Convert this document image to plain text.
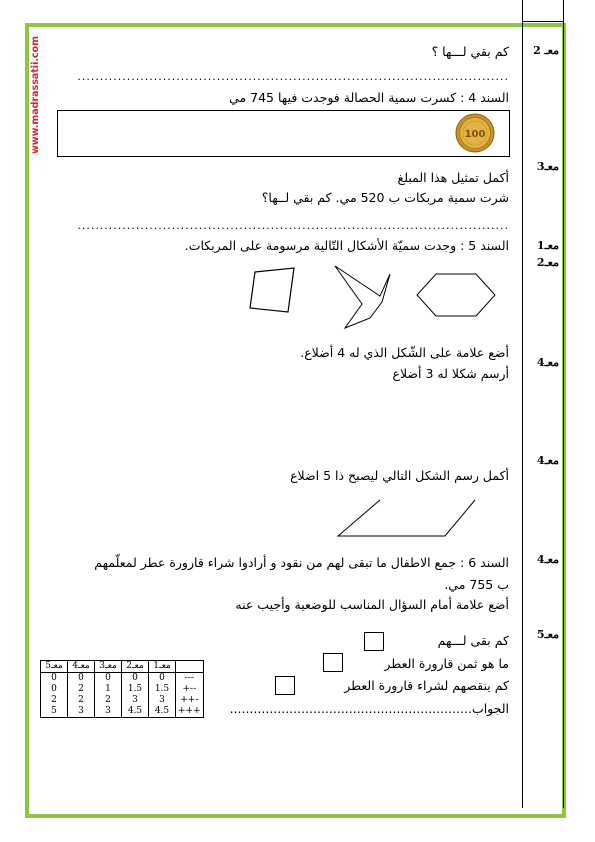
www.madrassatii.com	معـ 2
معـ3
معـ1
معـ2
معـ4
معـ4
معـ4
معـ5
كم بقي لـــها ؟
................................................................................................
السند 4 : كسرت سمية الحصالة فوجدت فيها 745 مي
100
أكمل تمثيل هذا المبلغ
شرت سمية مربكات ب 520 مي. كم بقي لــها؟
................................................................................................
السند 5 : وجدت سميّة الأشكال التّالية مرسومة على المربكات.
أضع علامة على الشّكل الذي له 4 أضلاع.
أرسم شكلا له 3 أضلاع
أكمل رسم الشكل التالي ليصبح ذا 5 اضلاع
السند 6 : جمع الاطفال ما تبقى لهم من نقود و أرادوا شراء قارورة عطر لمعلّمهم
ب 755 مي.
أضع علامة أمام السؤال المناسب للوضعية وأجيب عنه
كم بقى لـــهم
ما هو ثمن قارورة العطر
كم ينقصهم لشراء قارورة العطر
الجواب.............................................................
معـ5	معـ4	معـ3	معـ2	معـ1	
0	0	0	0	0	---
0	2	1	1.5	1.5	+--
2	2	2	3	3	++-
5	3	3	4.5	4.5	+++
